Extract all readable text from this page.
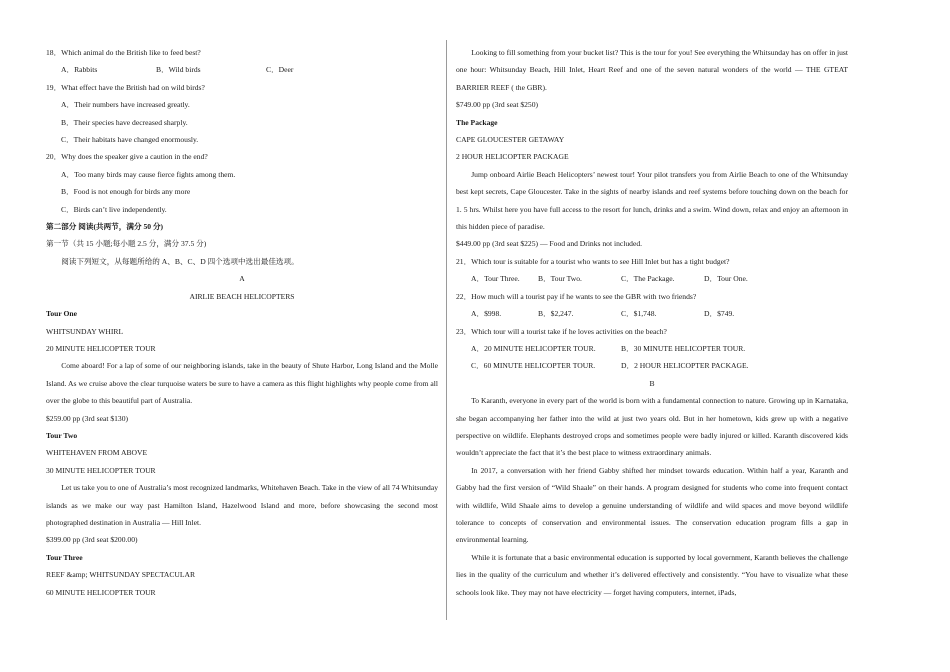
18．Which animal do the British like to feed best?
A．Rabbits	B．Wild birds	C．Deer
19．What effect have the British had on wild birds?
A．Their numbers have increased greatly.
B．Their species have decreased sharply.
C．Their habitats have changed enormously.
20．Why does the speaker give a caution in the end?
A．Too many birds may cause fierce fights among them.
B．Food is not enough for birds any more
C．Birds can’t live independently.
第二部分 阅读(共两节，满分 50 分)
第一节（共 15 小题;每小题 2.5 分，满分 37.5 分)
阅读下列短文，从每题所给的 A、B、C、D 四个选项中选出最佳选项。
A
AIRLIE BEACH HELICOPTERS
Tour One
WHITSUNDAY WHIRL
20 MINUTE HELICOPTER TOUR
Come aboard! For a lap of some of our neighboring islands, take in the beauty of Shute Harbor, Long Island and the Molle Island. As we cruise above the clear turquoise waters be sure to have a camera as this flight highlights why people come from all over the globe to this beautiful part of Australia.
$259.00 pp (3rd seat $130)
Tour Two
WHITEHAVEN FROM ABOVE
30 MINUTE HELICOPTER TOUR
Let us take you to one of Australia’s most recognized landmarks, Whitehaven Beach. Take in the view of all 74 Whitsunday islands as we make our way past Hamilton Island, Hazelwood Island and more, before showcasing the second most photographed destination in Australia — Hill Inlet.
$399.00 pp (3rd seat $200.00)
Tour Three
REEF &amp; WHITSUNDAY SPECTACULAR
60 MINUTE HELICOPTER TOUR
Looking to fill something from your bucket list? This is the tour for you! See everything the Whitsunday has on offer in just one hour: Whitsunday Beach, Hill Inlet, Heart Reef and one of the seven natural wonders of the world — THE GTEAT BARRIER REEF ( the GBR).
$749.00 pp (3rd seat $250)
The Package
CAPE GLOUCESTER GETAWAY
2 HOUR HELICOPTER PACKAGE
Jump onboard Airlie Beach Helicopters’ newest tour! Your pilot transfers you from Airlie Beach to one of the Whitsunday best kept secrets, Cape Gloucester. Take in the sights of nearby islands and reef systems before touching down on the beach for 1. 5 hrs. Whilst here you have full access to the resort for lunch, drinks and a swim. Wind down, relax and enjoy an afternoon in this hidden piece of paradise.
$449.00 pp (3rd seat $225) — Food and Drinks not included.
21．Which tour is suitable for a tourist who wants to see Hill Inlet but has a tight budget?
A．Tour Three.	B．Tour Two.	C．The Package.	D．Tour One.
22．How much will a tourist pay if he wants to see the GBR with two friends?
A．$998.	B．$2,247.	C．$1,748.	D．$749.
23．Which tour will a tourist take if he loves activities on the beach?
A．20 MINUTE HELICOPTER TOUR.	B．30 MINUTE HELICOPTER TOUR.
C．60 MINUTE HELICOPTER TOUR.	D．2 HOUR HELICOPTER PACKAGE.
B
To Karanth, everyone in every part of the world is born with a fundamental connection to nature. Growing up in Karnataka, she began accompanying her father into the wild at just two years old. But in her hometown, kids grew up with a negative perspective on wildlife. Elephants destroyed crops and sometimes people were badly injured or killed. Karanth discovered kids wouldn’t appreciate the fact that it’s the best place to witness extraordinary animals.
In 2017, a conversation with her friend Gabby shifted her mindset towards education. Within half a year, Karanth and Gabby had the first version of “Wild Shaale” on their hands. A program designed for students who come into frequent contact with wildlife, Wild Shaale aims to develop a genuine understanding of wildlife and wild spaces and move beyond wildlife tolerance to concepts of conservation and environmental issues. The conservation education program fills a gap in environmental learning.
While it is fortunate that a basic environmental education is supported by local government, Karanth believes the challenge lies in the quality of the curriculum and whether it’s delivered effectively and consistently. “You have to visualize what these schools look like. They may not have electricity — forget having computers, internet, iPads,
